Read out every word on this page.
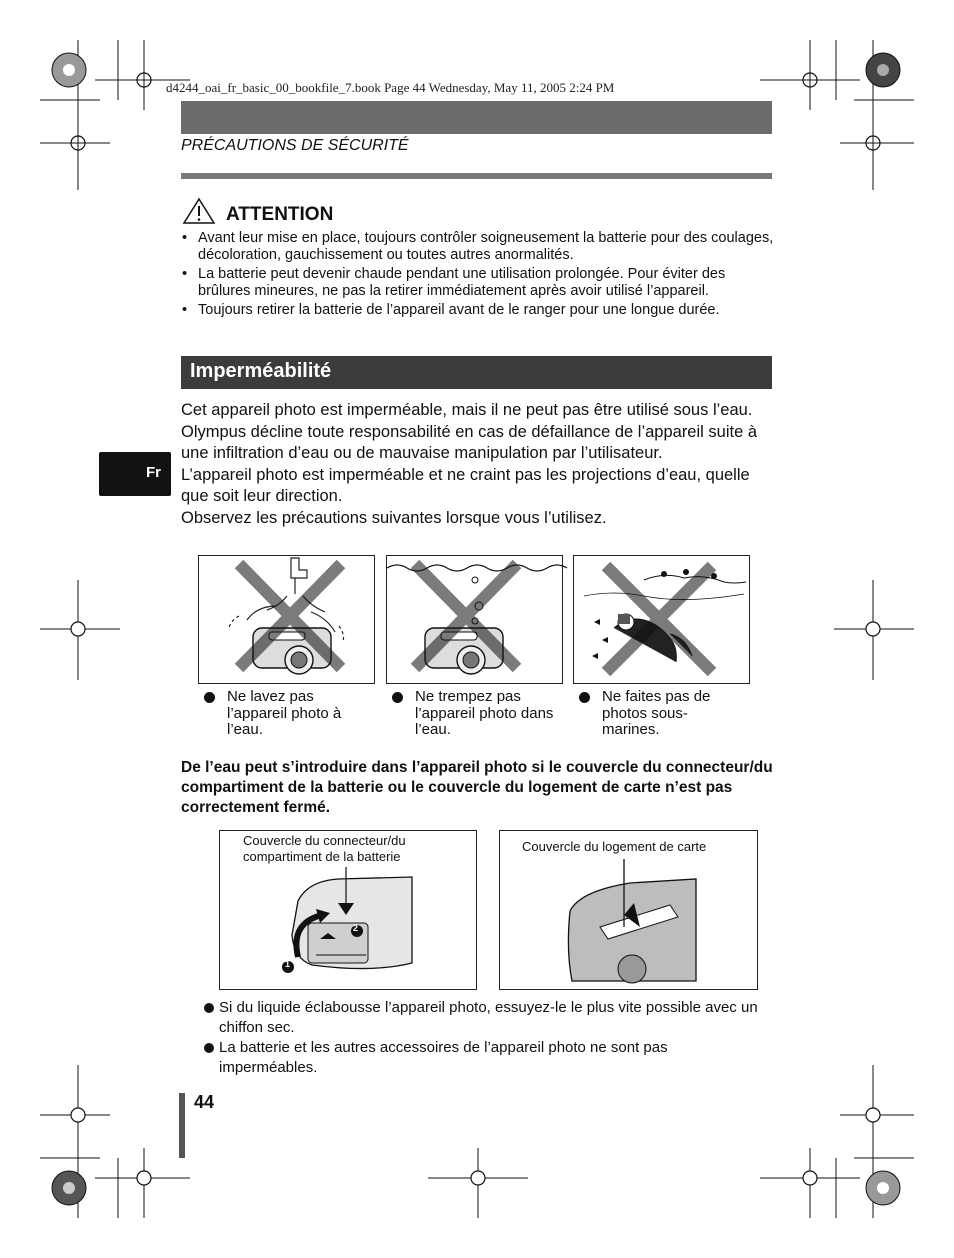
d4244_oai_fr_basic_00_bookfile_7.book Page 44 Wednesday, May 11, 2005 2:24 PM
PRÉCAUTIONS DE SÉCURITÉ
ATTENTION
• Avant leur mise en place, toujours contrôler soigneusement la batterie pour des coulages, décoloration, gauchissement ou toutes autres anormalités.
• La batterie peut devenir chaude pendant une utilisation prolongée. Pour éviter des brûlures mineures, ne pas la retirer immédiatement après avoir utilisé l’appareil.
• Toujours retirer la batterie de l’appareil avant de le ranger pour une longue durée.
Imperméabilité

Cet appareil photo est imperméable, mais il ne peut pas être utilisé sous l’eau. Olympus décline toute responsabilité en cas de défaillance de l’appareil suite à une infiltration d’eau ou de mauvaise manipulation par l’utilisateur.

L’appareil photo est imperméable et ne craint pas les projections d’eau, quelle que soit leur direction.

Observez les précautions suivantes lorsque vous l’utilisez.

Fr
Ne lavez pas l’appareil photo à l’eau.
Ne trempez pas l’appareil photo dans l’eau.
Ne faites pas de photos sous-marines.
De l’eau peut s’introduire dans l’appareil photo si le couvercle du connecteur/du compartiment de la batterie ou le couvercle du logement de carte n’est pas correctement fermé.
Couvercle du connecteur/du compartiment de la batterie
2
1
Couvercle du logement de carte
Si du liquide éclabousse l’appareil photo, essuyez-le le plus vite possible avec un chiffon sec.
La batterie et les autres accessoires de l’appareil photo ne sont pas imperméables.
44
